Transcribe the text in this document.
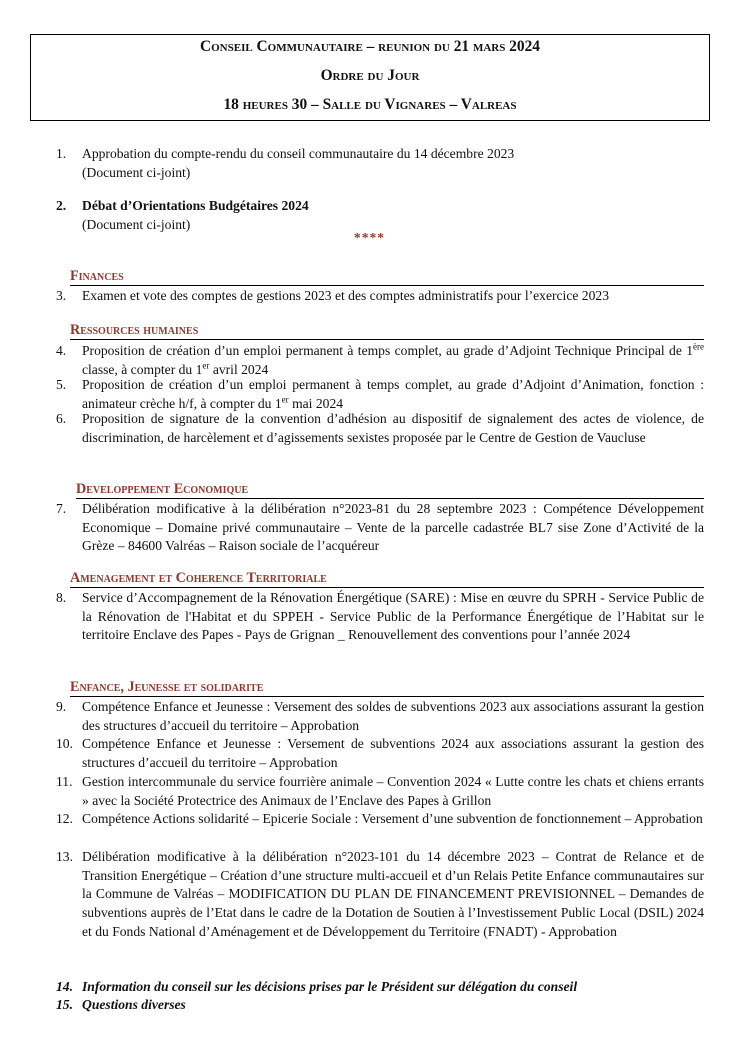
Conseil Communautaire – reunion du 21 mars 2024
Ordre du Jour
18 heures 30 – Salle du Vignares – Valreas
1.	Approbation du compte-rendu du conseil communautaire du 14 décembre 2023
(Document ci-joint)
2.	Débat d’Orientations Budgétaires 2024
(Document ci-joint)
****
Finances
3.	Examen et vote des comptes de gestions 2023 et des comptes administratifs pour l’exercice 2023
Ressources humaines
4.	Proposition de création d’un emploi permanent à temps complet, au grade d’Adjoint Technique Principal de 1ère classe, à compter du 1er avril 2024
5.	Proposition de création d’un emploi permanent à temps complet, au grade d’Adjoint d’Animation, fonction : animateur crèche h/f, à compter du 1er mai 2024
6.	Proposition de signature de la convention d’adhésion au dispositif de signalement des actes de violence, de discrimination, de harcèlement et d’agissements sexistes proposée par le Centre de Gestion de Vaucluse
Developpement Economique
7.	Délibération modificative à la délibération n°2023-81 du 28 septembre 2023 : Compétence Développement Economique – Domaine privé communautaire – Vente de la parcelle cadastrée BL7 sise Zone d’Activité de la Grèze – 84600 Valréas – Raison sociale de l’acquéreur
Amenagement et Coherence Territoriale
8.	Service d’Accompagnement de la Rénovation Énergétique (SARE) : Mise en œuvre du SPRH - Service Public de la Rénovation de l'Habitat et du SPPEH - Service Public de la Performance Énergétique de l’Habitat sur le territoire Enclave des Papes - Pays de Grignan _ Renouvellement des conventions pour l’année 2024
Enfance, Jeunesse et solidarite
9.	Compétence Enfance et Jeunesse : Versement des soldes de subventions 2023 aux associations assurant la gestion des structures d’accueil du territoire – Approbation
10. Compétence Enfance et Jeunesse : Versement de subventions 2024 aux associations assurant la gestion des structures d’accueil du territoire – Approbation
11. Gestion intercommunale du service fourrière animale – Convention 2024 « Lutte contre les chats et chiens errants » avec la Société Protectrice des Animaux de l’Enclave des Papes à Grillon
12. Compétence Actions solidarité – Epicerie Sociale : Versement d’une subvention de fonctionnement – Approbation
13. Délibération modificative à la délibération n°2023-101 du 14 décembre 2023 – Contrat de Relance et de Transition Energétique – Création d’une structure multi-accueil et d’un Relais Petite Enfance communautaires sur la Commune de Valréas – MODIFICATION DU PLAN DE FINANCEMENT PREVISIONNEL – Demandes de subventions auprès de l’Etat dans le cadre de la Dotation de Soutien à l’Investissement Public Local (DSIL) 2024 et du Fonds National d’Aménagement et de Développement du Territoire (FNADT) - Approbation
14. Information du conseil sur les décisions prises par le Président sur délégation du conseil
15. Questions diverses
